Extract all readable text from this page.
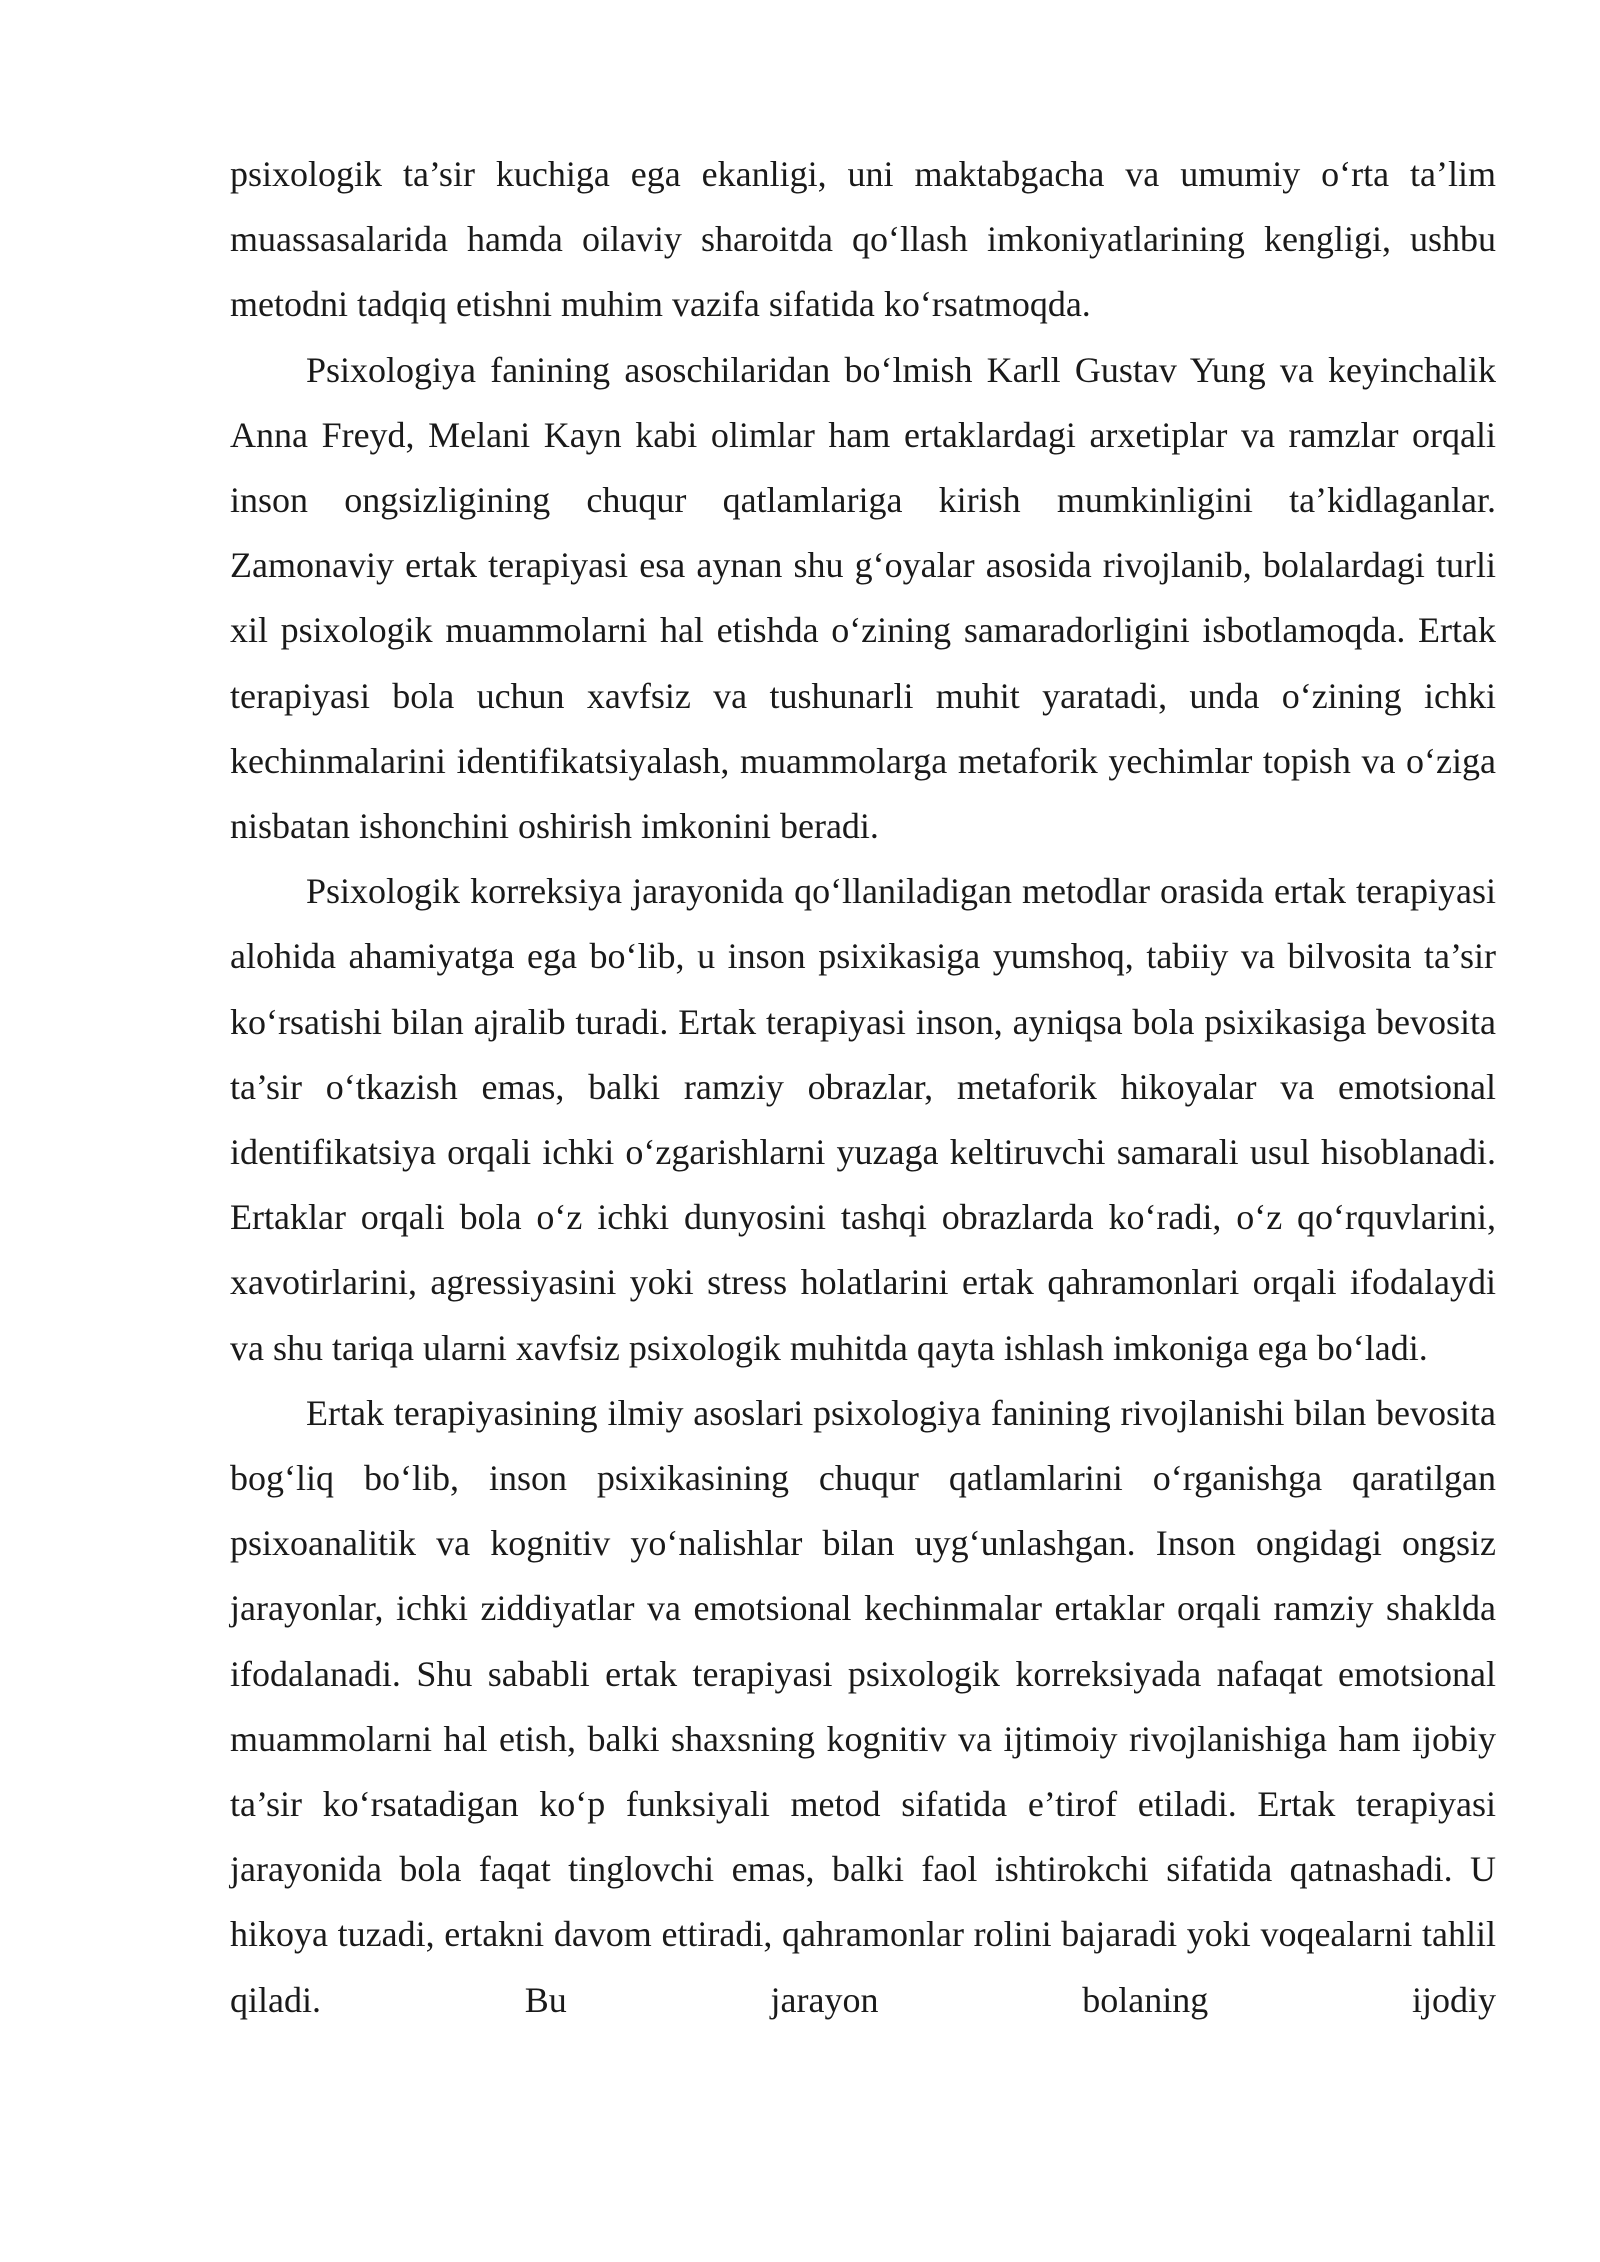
psixologik ta’sir kuchiga ega ekanligi, uni maktabgacha va umumiy o‘rta ta’lim muassasalarida hamda oilaviy sharoitda qo‘llash imkoniyatlarining kengligi, ushbu metodni tadqiq etishni muhim vazifa sifatida ko‘rsatmoqda.

Psixologiya fanining asoschilaridan bo‘lmish Karll Gustav Yung va keyinchalik Anna Freyd, Melani Kayn kabi olimlar ham ertaklardagi arxetiplar va ramzlar orqali inson ongsizligining chuqur qatlamlariga kirish mumkinligini ta’kidlaganlar. Zamonaviy ertak terapiyasi esa aynan shu g‘oyalar asosida rivojlanib, bolalardagi turli xil psixologik muammolarni hal etishda o‘zining samaradorligini isbotlamoqda. Ertak terapiyasi bola uchun xavfsiz va tushunarli muhit yaratadi, unda o‘zining ichki kechinmalarini identifikatsiyalash, muammolarga metaforik yechimlar topish va o‘ziga nisbatan ishonchini oshirish imkonini beradi.

Psixologik korreksiya jarayonida qo‘llaniladigan metodlar orasida ertak terapiyasi alohida ahamiyatga ega bo‘lib, u inson psixikasiga yumshoq, tabiiy va bilvosita ta’sir ko‘rsatishi bilan ajralib turadi. Ertak terapiyasi inson, ayniqsa bola psixikasiga bevosita ta’sir o‘tkazish emas, balki ramziy obrazlar, metaforik hikoyalar va emotsional identifikatsiya orqali ichki o‘zgarishlarni yuzaga keltiruvchi samarali usul hisoblanadi. Ertaklar orqali bola o‘z ichki dunyosini tashqi obrazlarda ko‘radi, o‘z qo‘rquvlarini, xavotirlarini, agressiyasini yoki stress holatlarini ertak qahramonlari orqali ifodalaydi va shu tariqa ularni xavfsiz psixologik muhitda qayta ishlash imkoniga ega bo‘ladi.

Ertak terapiyasining ilmiy asoslari psixologiya fanining rivojlanishi bilan bevosita bog‘liq bo‘lib, inson psixikasining chuqur qatlamlarini o‘rganishga qaratilgan psixoanalitik va kognitiv yo‘nalishlar bilan uyg‘unlashgan. Inson ongidagi ongsiz jarayonlar, ichki ziddiyatlar va emotsional kechinmalar ertaklar orqali ramziy shaklda ifodalanadi. Shu sababli ertak terapiyasi psixologik korreksiyada nafaqat emotsional muammolarni hal etish, balki shaxsning kognitiv va ijtimoiy rivojlanishiga ham ijobiy ta’sir ko‘rsatadigan ko‘p funksiyali metod sifatida e’tirof etiladi. Ertak terapiyasi jarayonida bola faqat tinglovchi emas, balki faol ishtirokchi sifatida qatnashadi. U hikoya tuzadi, ertakni davom ettiradi, qahramonlar rolini bajaradi yoki voqealarni tahlil qiladi. Bu jarayon bolaning ijodiy
